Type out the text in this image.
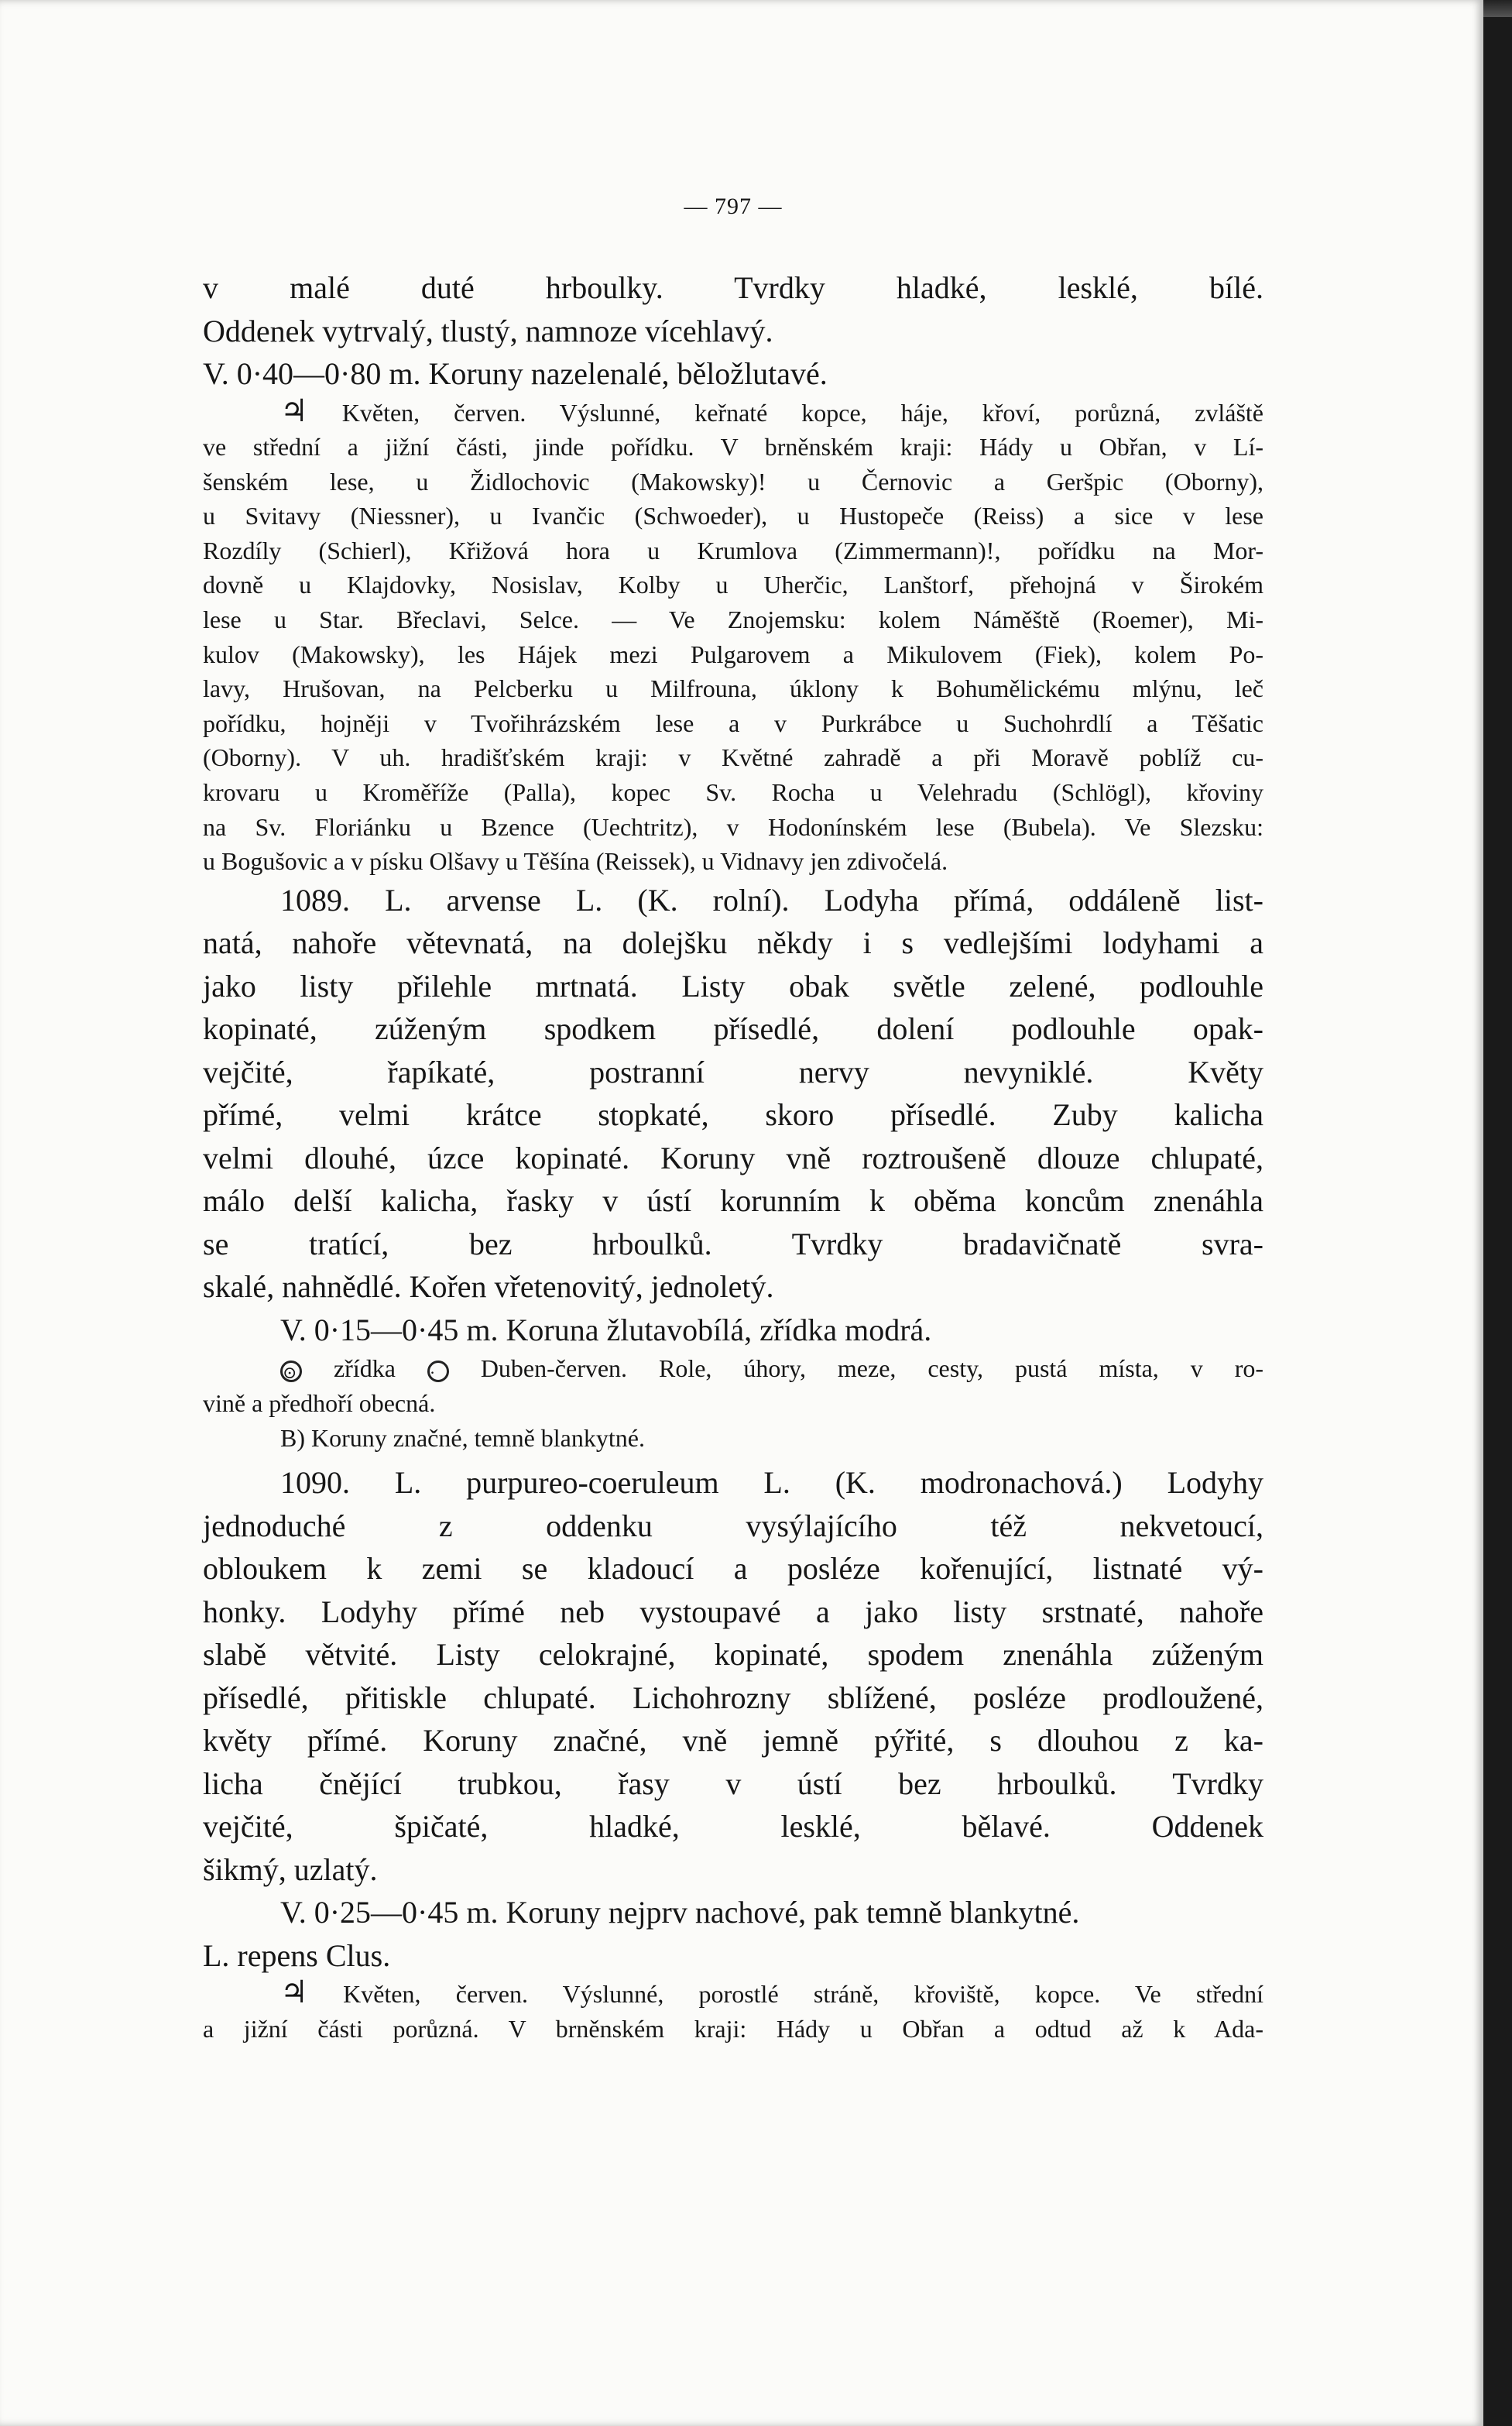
— 797 —
v malé duté hrboulky. Tvrdky hladké, lesklé, bílé.
Oddenek vytrvalý, tlustý, namnoze vícehlavý.
V. 0·40—0·80 m. Koruny nazelenalé, běložlutavé.
♃ Květen, červen. Výslunné, keřnaté kopce, háje, křoví, porůzná, zvláště
ve střední a jižní části, jinde pořídku. V brněnském kraji: Hády u Obřan, v Lí-
šenském lese, u Židlochovic (Makowsky)! u Černovic a Geršpic (Oborny),
u Svitavy (Niessner), u Ivančic (Schwoeder), u Hustopeče (Reiss) a sice v lese
Rozdíly (Schierl), Křižová hora u Krumlova (Zimmermann)!, pořídku na Mor-
dovně u Klajdovky, Nosislav, Kolby u Uherčic, Lanštorf, přehojná v Širokém
lese u Star. Břeclavi, Selce. — Ve Znojemsku: kolem Náměště (Roemer), Mi-
kulov (Makowsky), les Hájek mezi Pulgarovem a Mikulovem (Fiek), kolem Po-
lavy, Hrušovan, na Pelcberku u Milfrouna, úklony k Bohumělickému mlýnu, leč
pořídku, hojněji v Tvořihrázském lese a v Purkrábce u Suchohrdlí a Těšatic
(Oborny). V uh. hradišťském kraji: v Květné zahradě a při Moravě poblíž cu-
krovaru u Kroměříže (Palla), kopec Sv. Rocha u Velehradu (Schlögl), křoviny
na Sv. Floriánku u Bzence (Uechtritz), v Hodonínském lese (Bubela). Ve Slezsku:
u Bogušovic a v písku Olšavy u Těšína (Reissek), u Vidnavy jen zdivočelá.
1089. L. arvense L. (K. rolní). Lodyha přímá, oddáleně list-
natá, nahoře větevnatá, na dolejšku někdy i s vedlejšími lodyhami a
jako listy přilehle mrtnatá. Listy obak světle zelené, podlouhle
kopinaté, zúženým spodkem přísedlé, dolení podlouhle opak-
vejčité, řapíkaté, postranní nervy nevyniklé. Květy
přímé, velmi krátce stopkaté, skoro přísedlé. Zuby kalicha
velmi dlouhé, úzce kopinaté. Koruny vně roztroušeně dlouze chlupaté,
málo delší kalicha, řasky v ústí korunním k oběma koncům znenáhla
se tratící, bez hrboulků. Tvrdky bradavičnatě svra-
skalé, nahnědlé. Kořen vřetenovitý, jednoletý.
V. 0·15—0·45 m. Koruna žlutavobílá, zřídka modrá.
⊙ zřídka · Duben-červen. Role, úhory, meze, cesty, pustá místa, v ro-
vině a předhoří obecná.
B) Koruny značné, temně blankytné.
1090. L. purpureo-coeruleum L. (K. modronachová.) Lodyhy
jednoduché z oddenku vysýlajícího též nekvetoucí,
obloukem k zemi se kladoucí a posléze kořenující, listnaté vý-
honky. Lodyhy přímé neb vystoupavé a jako listy srstnaté, nahoře
slabě větvité. Listy celokrajné, kopinaté, spodem znenáhla zúženým
přísedlé, přitiskle chlupaté. Lichohrozny sblížené, posléze prodloužené,
květy přímé. Koruny značné, vně jemně pýřité, s dlouhou z ka-
licha čnějící trubkou, řasy v ústí bez hrboulků. Tvrdky
vejčité, špičaté, hladké, lesklé, bělavé. Oddenek
šikmý, uzlatý.
V. 0·25—0·45 m. Koruny nejprv nachové, pak temně blankytné.
L. repens Clus.
♃ Květen, červen. Výslunné, porostlé stráně, křoviště, kopce. Ve střední
a jižní části porůzná. V brněnském kraji: Hády u Obřan a odtud až k Ada-
